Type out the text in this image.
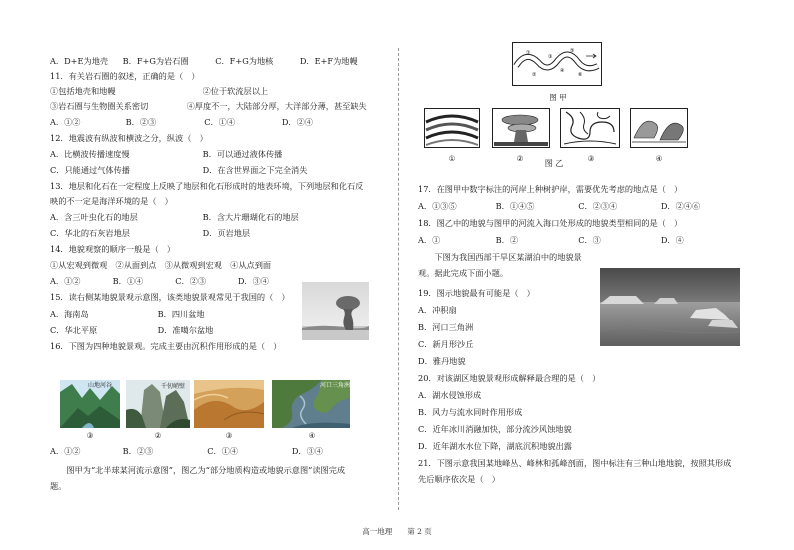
A．D+E为地壳 B．F+G为岩石圈	C．F+G为地核	D．E+F为地幔
11．有关岩石圈的叙述，正确的是（　）
①包括地壳和地幔	②位于软流层以上
③岩石圈与生物圈关系密切	④厚度不一，大陆部分厚，大洋部分薄，甚至缺失
A．①②	B．②③	C．①④	D．②④
12．地震波有纵波和横波之分，纵波（　）
A．比横波传播速度慢	B．可以通过液体传播
C．只能通过气体传播	D．在含世界面之下完全消失
13．地层和化石在一定程度上反映了地层和化石形成时的地表环境，下列地层和化石反
映的不一定是海洋环境的是（　）
A．含三叶虫化石的地层	B．含大片珊瑚化石的地层
C．华北的石灰岩地层	D．页岩地层
14．地貌观察的顺序一般是（　）
①从宏观到微观　②从面到点　③从微观到宏观　④从点到面
A．①②	B．①④	C．②③	D．③④
15．读右侧某地貌景观示意图，该类地貌景观常见于我国的（　）
A．海南岛	B．四川盆地
C．华北平原	D．准噶尔盆地
16．下图为四种地貌景观。完成主要由沉积作用形成的是（　）
山地河谷	千仞峭壁	河口三角洲
③	②	③	④
A．①②	B．②③	C．①④	D．③④
　　图甲为“北半球某河流示意图”，图乙为“部分地质构造或地貌示意图”读图完成
题。
①
②
③
④
⑤
⑥
图 甲
①	②
图 乙
③	④
17．在图甲中数字标注的河岸上种树护岸，需要优先考虑的地点是（　）
A．①③⑤	B．①④⑤	C．②③④	D．②④⑥
18．图乙中的地貌与图甲的河流入海口处形成的地貌类型相同的是（　）
A．①	B．②	C．③	D．④
　　下图为我国西部干旱区某湖泊中的地貌景
观。据此完成下面小题。
19．图示地貌最有可能是（　）
A．冲积扇
B．河口三角洲
C．新月形沙丘
D．雅丹地貌
20．对该湖区地貌景观形成解释最合理的是（　）
A．湖水侵蚀形成
B．风力与流水同时作用形成
C．近年冰川消融加快，部分流沙风蚀地貌
D．近年湖水水位下降，湖底沉积地貌出露
21．下图示意我国某地峰丛、峰林和孤峰剖面，图中标注有三种山地地貌，按照其形成
先后顺序依次是（　）
高一地理　　第 2 页
